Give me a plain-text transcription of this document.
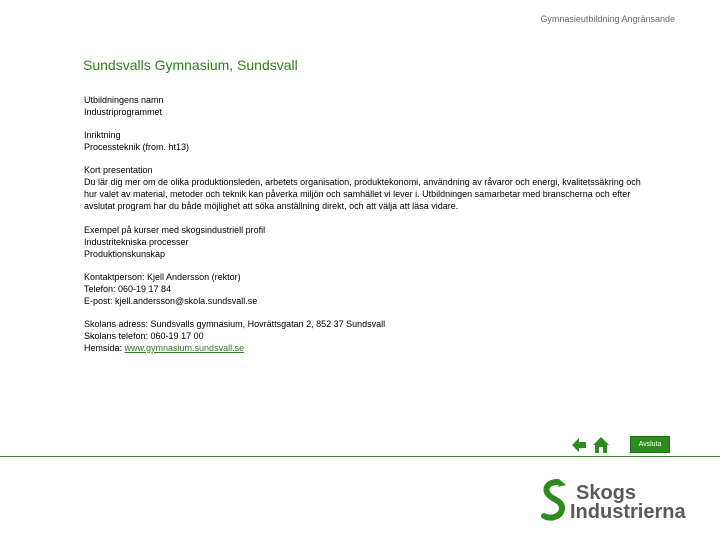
Gymnasieutbildning Angränsande
Sundsvalls Gymnasium, Sundsvall
Utbildningens namn
Industriprogrammet
Inriktning
Processteknik (from. ht13)
Kort presentation
Du lär dig mer om de olika produktionsleden, arbetets organisation, produktekonomi, användning av råvaror och energi, kvalitetssäkring och hur valet av material, metoder och teknik kan påverka miljön och samhället vi lever i. Utbildningen samarbetar med branscherna och efter avslutat program har du både möjlighet att söka anställning direkt, och att välja att läsa vidare.
Exempel på kurser med skogsindustriell profil
Industritekniska processer
Produktionskunskap
Kontaktperson: Kjell Andersson (rektor)
Telefon: 060-19 17 84
E-post: kjell.andersson@skola.sundsvall.se
Skolans adress: Sundsvalls gymnasium, Hovrättsgatan 2, 852 37 Sundsvall
Skolans telefon: 060-19 17 00
Hemsida: www.gymnasium.sundsvall.se
Avsluta
Skogs
Industrierna
